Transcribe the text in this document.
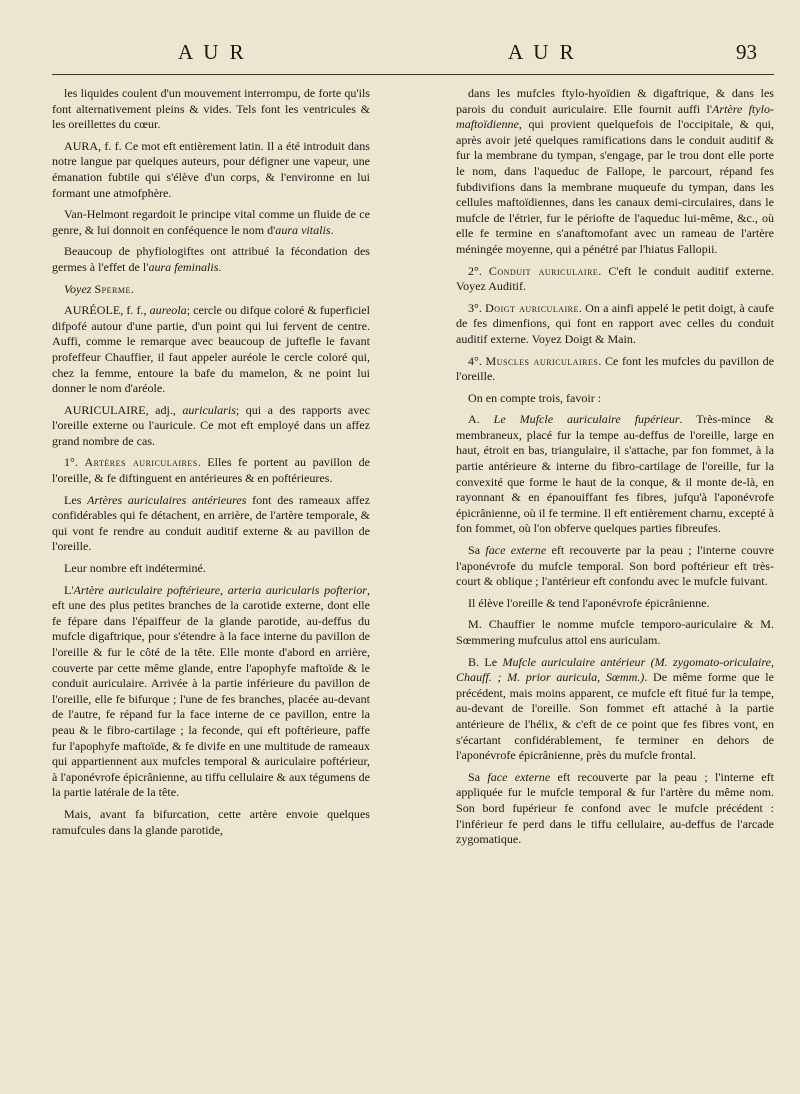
A U R	A U R	93

les liquides coulent d'un mouvement interrompu, de forte qu'ils font alternativement pleins & vides. Tels font les ventricules & les oreillettes du cœur.

AURA, f. f. Ce mot eft entièrement latin. Il a été introduit dans notre langue par quelques auteurs, pour défigner une vapeur, une émanation fubtile qui s'élève d'un corps, & l'environne en lui formant une atmofphère.

Van-Helmont regardoit le principe vital comme un fluide de ce genre, & lui donnoit en conféquence le nom d'aura vitalis.

Beaucoup de phyfiologiftes ont attribué la fécondation des germes à l'effet de l'aura feminalis.

Voyez Sperme.

AURÉOLE, f. f., aureola; cercle ou difque coloré & fuperficiel difpofé autour d'une partie, d'un point qui lui fervent de centre. Auffi, comme le remarque avec beaucoup de juftefle le favant profeffeur Chauffier, il faut appeler auréole le cercle coloré qui, chez la femme, entoure la bafe du mamelon, & ne point lui donner le nom d'aréole.

AURICULAIRE, adj., auricularis; qui a des rapports avec l'oreille externe ou l'auricule. Ce mot eft employé dans un affez grand nombre de cas.

1°. Artères auriculaires. Elles fe portent au pavillon de l'oreille, & fe diftinguent en antérieures & en poftérieures.

Les Artères auriculaires antérieures font des rameaux affez confidérables qui fe détachent, en arrière, de l'artère temporale, & qui vont fe rendre au conduit auditif externe & au pavillon de l'oreille.

Leur nombre eft indéterminé.

L'Artère auriculaire poftérieure, arteria auricularis pofterior, eft une des plus petites branches de la carotide externe, dont elle fe fépare dans l'épaiffeur de la glande parotide, au-deffus du mufcle digaftrique, pour s'étendre à la face interne du pavillon de l'oreille & fur le côté de la tête. Elle monte d'abord en arrière, couverte par cette même glande, entre l'apophyfe maftoïde & le conduit auriculaire. Arrivée à la partie inférieure du pavillon de l'oreille, elle fe bifurque ; l'une de fes branches, placée au-devant de l'autre, fe répand fur la face interne de ce pavillon, entre la peau & le fibro-cartilage ; la feconde, qui eft poftérieure, paffe fur l'apophyfe maftoïde, & fe divife en une multitude de rameaux qui appartiennent aux mufcles temporal & auriculaire poftérieur, à l'aponévrofe épicrânienne, au tiffu cellulaire & aux tégumens de la partie latérale de la tête.

Mais, avant fa bifurcation, cette artère envoie quelques ramufcules dans la glande parotide,

dans les mufcles ftylo-hyoïdien & digaftrique, & dans les parois du conduit auriculaire. Elle fournit auffi l'Artère ftylo-maftoïdienne, qui provient quelquefois de l'occipitale, & qui, après avoir jeté quelques ramifications dans le conduit auditif & fur la membrane du tympan, s'engage, par le trou dont elle porte le nom, dans l'aqueduc de Fallope, le parcourt, répand fes fubdivifions dans la membrane muqueufe du tympan, dans les cellules maftoïdiennes, dans les canaux demi-circulaires, dans le mufcle de l'étrier, fur le périofte de l'aqueduc lui-même, &c., où elle fe termine en s'anaftomofant avec un rameau de l'artère méningée moyenne, qui a pénétré par l'hiatus Fallopii.

2°. Conduit auriculaire. C'eft le conduit auditif externe. Voyez Auditif.

3°. Doigt auriculaire. On a ainfi appelé le petit doigt, à caufe de fes dimenfions, qui font en rapport avec celles du conduit auditif externe. Voyez Doigt & Main.

4°. Muscles auriculaires. Ce font les mufcles du pavillon de l'oreille.

On en compte trois, favoir :

A. Le Mufcle auriculaire fupérieur. Très-mince & membraneux, placé fur la tempe au-deffus de l'oreille, large en haut, étroit en bas, triangulaire, il s'attache, par fon fommet, à la partie antérieure & interne du fibro-cartilage de l'oreille, fur la convexité que forme le haut de la conque, & il monte de-là, en rayonnant & en épanouiffant fes fibres, jufqu'à l'aponévrofe épicrânienne, où il fe termine. Il eft entièrement charnu, excepté à fon fommet, où l'on obferve quelques parties fibreufes.

Sa face externe eft recouverte par la peau ; l'interne couvre l'aponévrofe du mufcle temporal. Son bord poftérieur eft très-court & oblique ; l'antérieur eft confondu avec le mufcle fuivant.

Il élève l'oreille & tend l'aponévrofe épicrânienne.

M. Chauffier le nomme mufcle temporo-auriculaire & M. Sœmmering mufculus attol ens auriculam.

B. Le Mufcle auriculaire antérieur (M. zygomato-oriculaire, Chauff. ; M. prior auricula, Sœmm.). De même forme que le précédent, mais moins apparent, ce mufcle eft fitué fur la tempe, au-devant de l'oreille. Son fommet eft attaché à la partie antérieure de l'hélix, & c'eft de ce point que fes fibres vont, en s'écartant confidérablement, fe terminer en dehors de l'aponévrofe épicrânienne, près du mufcle frontal.

Sa face externe eft recouverte par la peau ; l'interne eft appliquée fur le mufcle temporal & fur l'artère du même nom. Son bord fupérieur fe confond avec le mufcle précédent : l'inférieur fe perd dans le tiffu cellulaire, au-deffus de l'arcade zygomatique.
